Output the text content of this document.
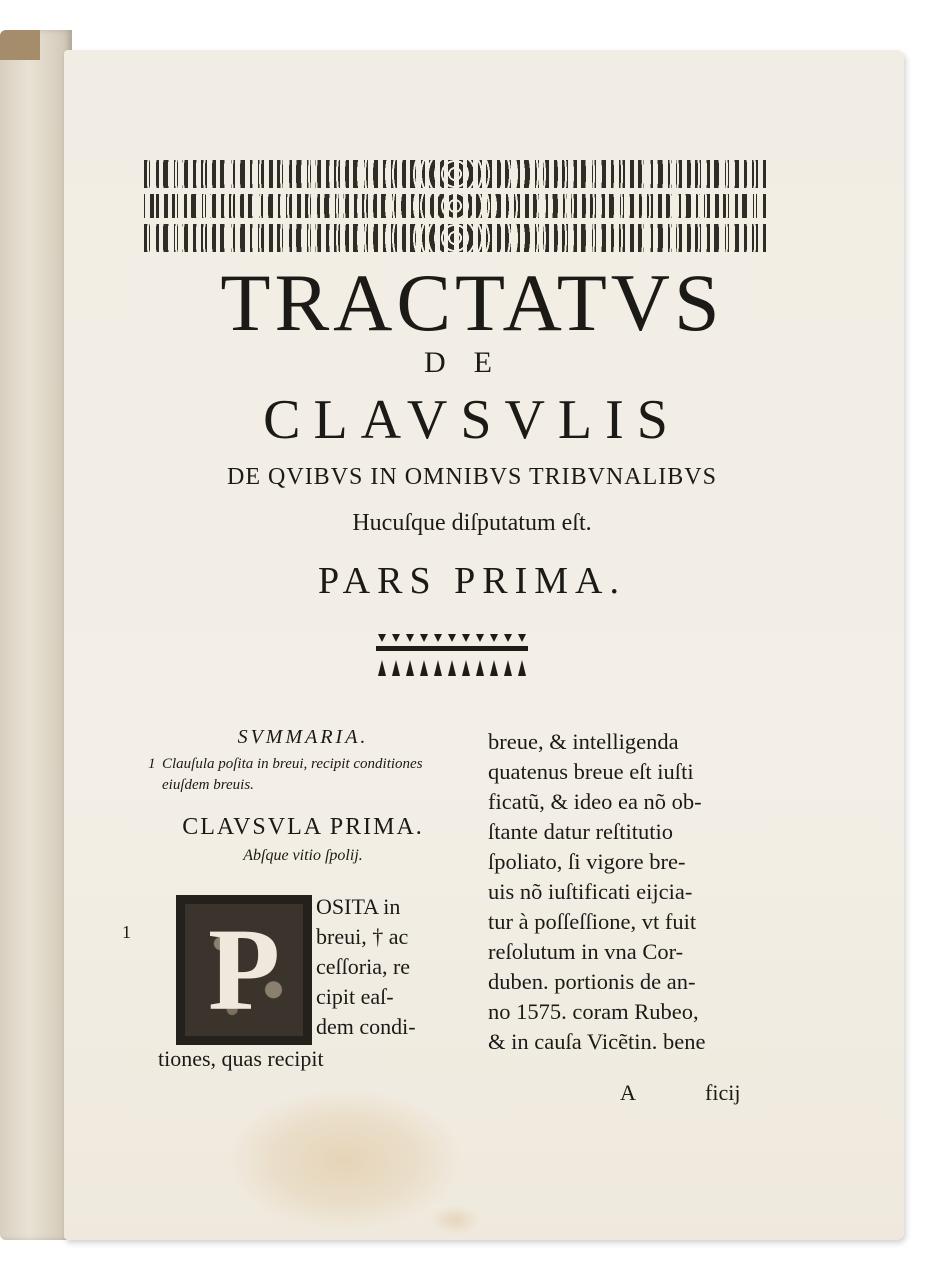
TRACTATVS
DE
CLAVSVLIS
DE QVIBVS IN OMNIBVS TRIBVNALIBVS
Hucuſque diſputatum eſt.
PARS PRIMA.

SVMMARIA.

1 Clauſula poſita in breui, recipit conditiones eiuſdem breuis.

CLAVSVLA PRIMA.

Abſque vitio ſpolij.

1 P	OSITA in
breui, † ac
ceſſoria, re
cipit eaſ-
dem condi-
tiones, quas recipit
breue, & intelligenda
quatenus breue eſt iuſti
ficatũ, & ideo ea nõ ob-
ſtante datur reſtitutio
ſpoliato, ſi vigore bre-
uis nõ iuſtificati eijcia-
tur à poſſeſſione, vt fuit
reſolutum in vna Cor-
duben. portionis de an-
no 1575. coram Rubeo,
& in cauſa Vicẽtin. bene
A	ficij
